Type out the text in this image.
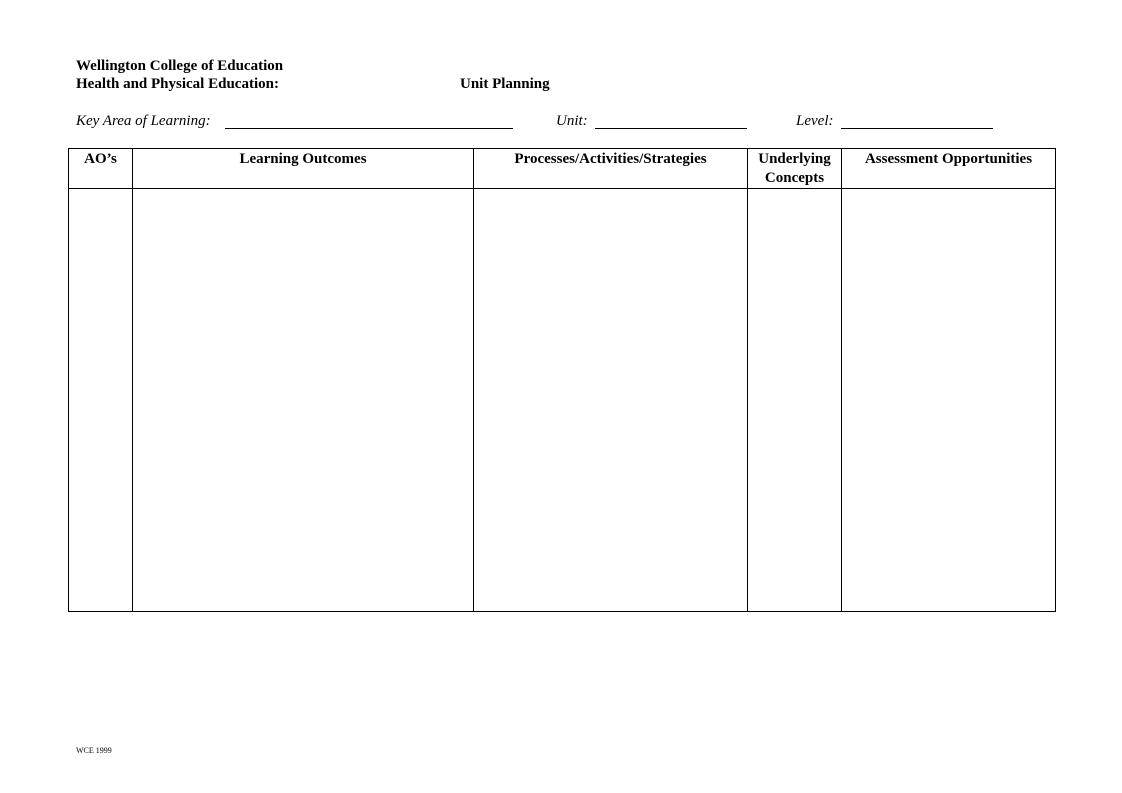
Wellington College of Education
Health and Physical Education:	Unit Planning
Key Area of Learning:	Unit:	Level:
AO’s	Learning Outcomes	Processes/Activities/Strategies	Underlying Concepts	Assessment Opportunities

WCE 1999
